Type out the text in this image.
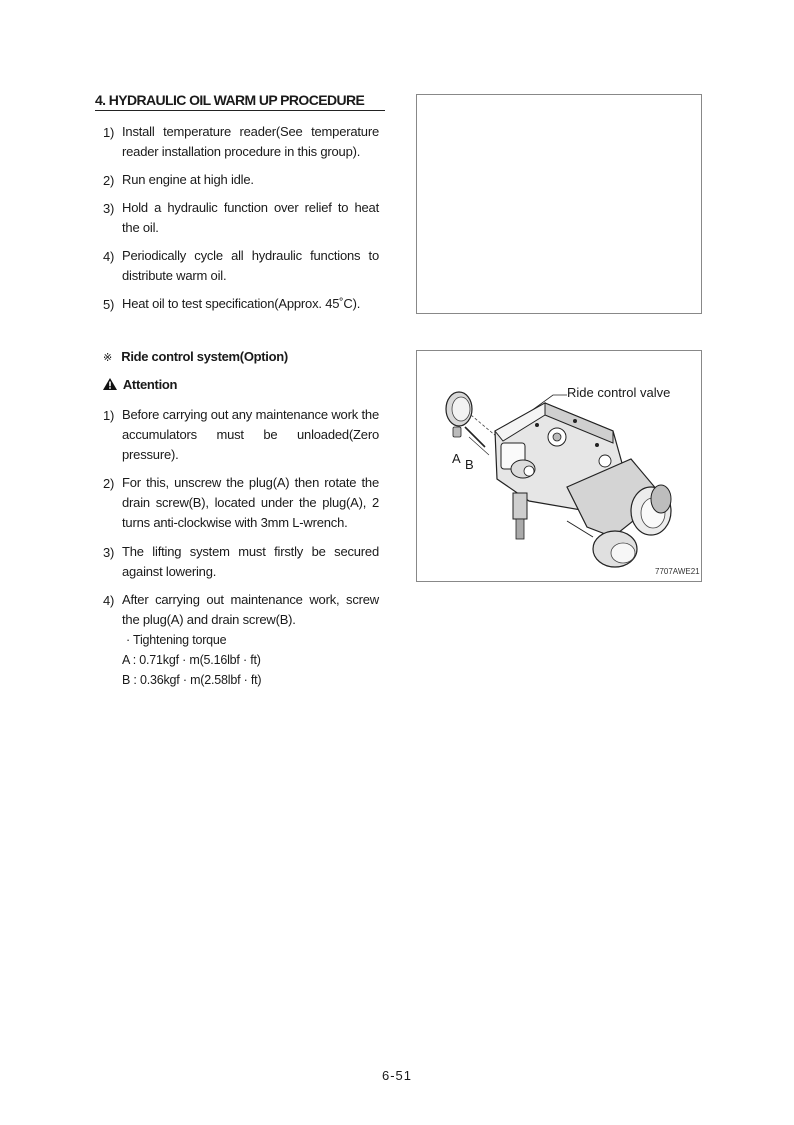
4. HYDRAULIC OIL WARM UP PROCEDURE
1) Install temperature reader(See temperature reader installation procedure in this group).
2) Run engine at high idle.
3) Hold a hydraulic function over relief to heat the oil.
4) Periodically cycle all hydraulic functions to distribute warm oil.
5) Heat oil to test specification(Approx. 45˚C).
※ Ride control system(Option)
Attention
1) Before carrying out any maintenance work the accumulators must be unloaded(Zero pressure).
2) For this, unscrew the plug(A) then rotate the drain screw(B), located under the plug(A), 2 turns anti-clockwise with 3mm L-wrench.
3) The lifting system must firstly be secured against lowering.
4) After carrying out maintenance work, screw the plug(A) and drain screw(B).
· Tightening torque
A : 0.71kgf · m(5.16lbf · ft)
B : 0.36kgf · m(2.58lbf · ft)
Ride control valve
A B
7707AWE21
6-51
